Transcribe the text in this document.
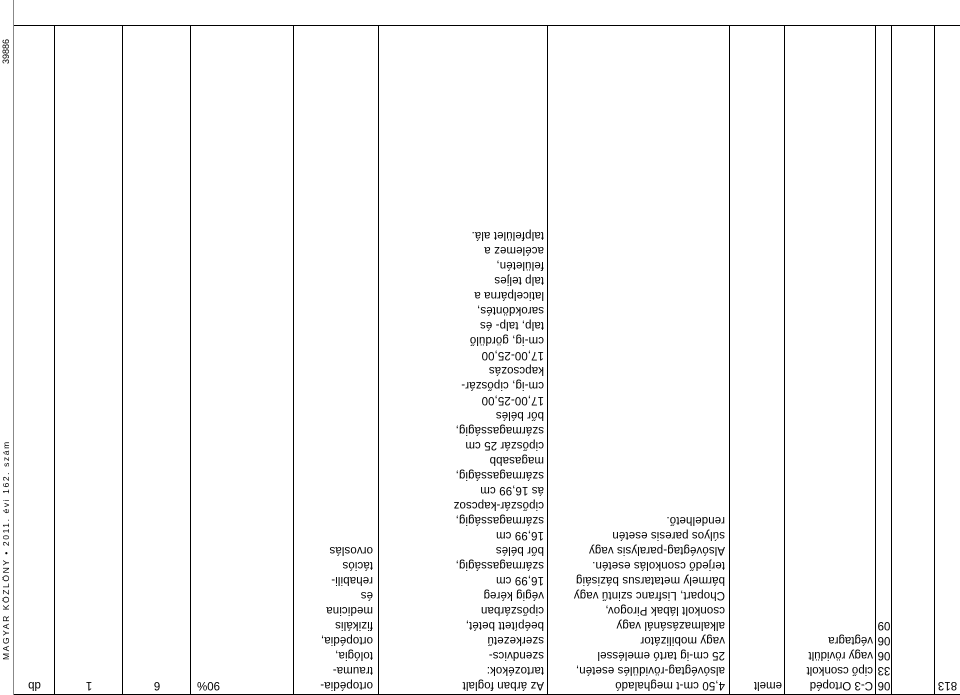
813
06
33
06
06
09
C-3 Ortopéd
cipő csonkolt
vagy rövidült
végtagra
emelt
4,50 cm-t meghaladó
alsóvégtag-rövidülés esetén,
25 cm-ig tartó emeléssel
vagy mobilizátor
alkalmazásánál vagy
csonkolt lábak Pirogov,
Chopart, Lisfranc szintű vagy
bármely metatarsus bázisáig
terjedő csonkolás esetén.
Alsóvégtag-paralysis vagy
súlyos paresis esetén
rendelhető.
Az árban foglalt
tartozékok:
szendvics-
szerkezetű
beépített betét,
cipőszárban
végig kéreg
16,99 cm
szármagasságig,
bőr bélés
16,99 cm
szármagasságig,
cipőszár-kapcsoz
ás 16,99 cm
szármagasságig,
magasabb
cipőszár 25 cm
szármagasságig,
bőr bélés
17,00-25,00
cm-ig, cipőszár-
kapcsozás
17,00-25,00
cm-ig, gördülő
talp, talp- és
sarokdöntés,
laticelpárna a
talp teljes
felületén,
acélemez a
talpfelület alá.
ortopédia-
trauma-
tológia,
ortopédia,
fizikális
medicina
és
rehabili-
tációs
orvoslás
90%
6
1
db
39886
MAGYAR KÖZLÖNY • 2011. évi 162. szám
